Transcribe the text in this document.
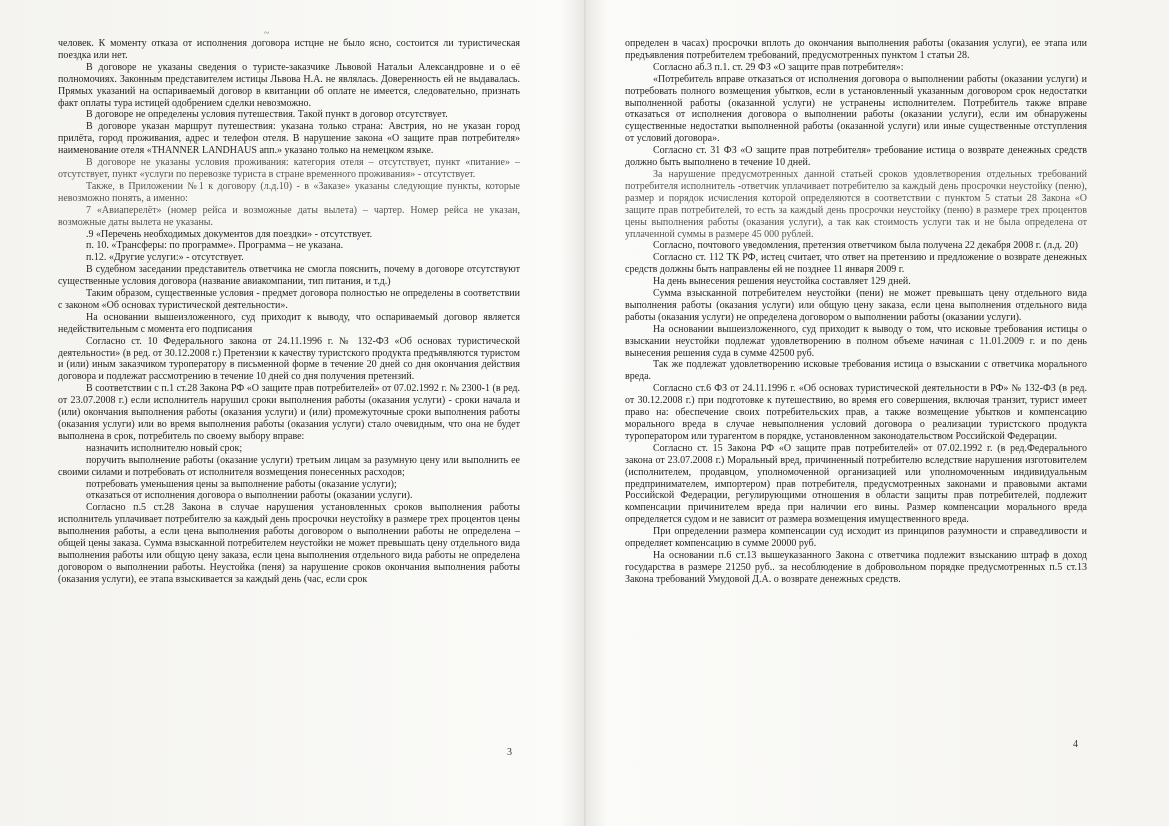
~

человек. К моменту отказа от исполнения договора истцне не было ясно, состоится ли туристическая поездка или нет.

В договоре не указаны сведения о туристе-заказчике Львовой Натальи Александровне и о её полномочиях. Законным представителем истицы Львова Н.А. не являлась. Доверенность ей не выдавалась. Прямых указаний на оспариваемый договор в квитанции об оплате не имеется, следовательно, признать факт оплаты тура истицей одобрением сделки невозможно.

В договоре не определены условия путешествия. Такой пункт в договор отсутствует.

В договоре указан маршрут путешествия: указана только страна: Австрия, но не указан город прилёта, город проживания, адрес и телефон отеля. В нарушение закона «О защите прав потребителя» наименование отеля «THANNER LANDHAUS апп.» указано только на немецком языке.

В договоре не указаны условия проживания: категория отеля – отсутствует, пункт «питание» – отсутствует, пункт «услуги по перевозке туриста в стране временного проживания» - отсутствует.

Также, в Приложении №1 к договору (л.д.10) - в «Заказе» указаны следующие пункты, которые невозможно понять, а именно:

7 «Авиаперелёт» (номер рейса и возможные даты вылета) – чартер. Номер рейса не указан, возможные даты вылета не указаны.

.9 «Перечень необходимых документов для поездки» - отсутствует.

п. 10. «Трансферы: по программе». Программа – не указана.

п.12. «Другие услуги:» - отсутствует.

В судебном заседании представитель ответчика не смогла пояснить, почему в договоре отсутствуют существенные условия договора (название авиакомпании, тип питания, и т.д.)

Таким образом, существенные условия - предмет договора полностью не определены в соответствии с законом «Об основах туристической деятельности».

На основании вышеизложенного, суд приходит к выводу, что оспариваемый договор является недействительным с момента его подписания

Согласно ст. 10 Федерального закона от 24.11.1996 г. № 132-ФЗ «Об основах туристической деятельности» (в ред. от 30.12.2008 г.) Претензии к качеству туристского продукта предъявляются туристом и (или) иным заказчиком туроператору в письменной форме в течение 20 дней со дня окончания действия договора и подлежат рассмотрению в течение 10 дней со дня получения претензий.

В соответствии с п.1 ст.28 Закона РФ «О защите прав потребителей» от 07.02.1992 г. № 2300-1 (в ред. от 23.07.2008 г.) если исполнитель нарушил сроки выполнения работы (оказания услуги) - сроки начала и (или) окончания выполнения работы (оказания услуги) и (или) промежуточные сроки выполнения работы (оказания услуги) или во время выполнения работы (оказания услуги) стало очевидным, что она не будет выполнена в срок, потребитель по своему выбору вправе:

назначить исполнителю новый срок;

поручить выполнение работы (оказание услуги) третьим лицам за разумную цену или выполнить ее своими силами и потребовать от исполнителя возмещения понесенных расходов;

потребовать уменьшения цены за выполнение работы (оказание услуги);

отказаться от исполнения договора о выполнении работы (оказании услуги).

Согласно п.5 ст.28 Закона в случае нарушения установленных сроков выполнения работы исполнитель уплачивает потребителю за каждый день просрочки неустойку в размере трех процентов цены выполнения работы, а если цена выполнения работы договором о выполнении работы не определена – общей цены заказа. Сумма взысканной потребителем неустойки не может превышать цену отдельного вида выполнения работы или общую цену заказа, если цена выполнения отдельного вида работы не определена договором о выполнении работы. Неустойка (пеня) за нарушение сроков окончания выполнения работы (оказания услуги), ее этапа взыскивается за каждый день (час, если срок

3

определен в часах) просрочки вплоть до окончания выполнения работы (оказания услуги), ее этапа или предъявления потребителем требований, предусмотренных пунктом 1 статьи 28.

Согласно аб.3 п.1. ст. 29 ФЗ «О защите прав потребителя»:

«Потребитель вправе отказаться от исполнения договора о выполнении работы (оказании услуги) и потребовать полного возмещения убытков, если в установленный указанным договором срок недостатки выполненной работы (оказанной услуги) не устранены исполнителем. Потребитель также вправе отказаться от исполнения договора о выполнении работы (оказании услуги), если им обнаружены существенные недостатки выполненной работы (оказанной услуги) или иные существенные отступления от условий договора».

Согласно ст. 31 ФЗ «О защите прав потребителя» требование истица о возврате денежных средств должно быть выполнено в течение 10 дней.

За нарушение предусмотренных данной статьей сроков удовлетворения отдельных требований потребителя исполнитель -ответчик уплачивает потребителю за каждый день просрочки неустойку (пеню), размер и порядок исчисления которой определяются в соответствии с пунктом 5 статьи 28 Закона «О защите прав потребителей, то есть за каждый день просрочки неустойку (пеню) в размере трех процентов цены выполнения работы (оказания услуги), а так как стоимость услуги так и не была определена от уплаченной суммы в размере 45 000 рублей.

Согласно, почтового уведомления, претензия ответчиком была получена 22 декабря 2008 г. (л.д. 20)

Согласно ст. 112 ТК РФ, истец считает, что ответ на претензию и предложение о возврате денежных средств должны быть направлены ей не позднее 11 января 2009 г.

На день вынесения решения неустойка составляет 129 дней.

Сумма взысканной потребителем неустойки (пени) не может превышать цену отдельного вида выполнения работы (оказания услуги) или общую цену заказа, если цена выполнения отдельного вида работы (оказания услуги) не определена договором о выполнении работы (оказании услуги).

На основании вышеизложенного, суд приходит к выводу о том, что исковые требования истицы о взыскании неустойки подлежат удовлетворению в полном объеме начиная с 11.01.2009 г. и по день вынесения решения суда в сумме 42500 руб.

Так же подлежат удовлетворению исковые требования истица о взыскании с ответчика морального вреда.

Согласно ст.6 ФЗ от 24.11.1996 г. «Об основах туристической деятельности в РФ» № 132-ФЗ (в ред. от 30.12.2008 г.) при подготовке к путешествию, во время его совершения, включая транзит, турист имеет право на: обеспечение своих потребительских прав, а также возмещение убытков и компенсацию морального вреда в случае невыполнения условий договора о реализации туристского продукта туроператором или турагентом в порядке, установленном законодательством Российской Федерации.

Согласно ст. 15 Закона РФ «О защите прав потребителей» от 07.02.1992 г. (в ред.Федерального закона от 23.07.2008 г.) Моральный вред, причиненный потребителю вследствие нарушения изготовителем (исполнителем, продавцом, уполномоченной организацией или уполномоченным индивидуальным предпринимателем, импортером) прав потребителя, предусмотренных законами и правовыми актами Российской Федерации, регулирующими отношения в области защиты прав потребителей, подлежит компенсации причинителем вреда при наличии его вины. Размер компенсации морального вреда определяется судом и не зависит от размера возмещения имущественного вреда.

При определении размера компенсации суд исходит из принципов разумности и справедливости и определяет компенсацию в сумме 20000 руб.

На основании п.6 ст.13 вышеуказанного Закона с ответчика подлежит взысканию штраф в доход государства в размере 21250 руб.. за несоблюдение в добровольном порядке предусмотренных п.5 ст.13 Закона требований Умудовой Д.А. о возврате денежных средств.

4
